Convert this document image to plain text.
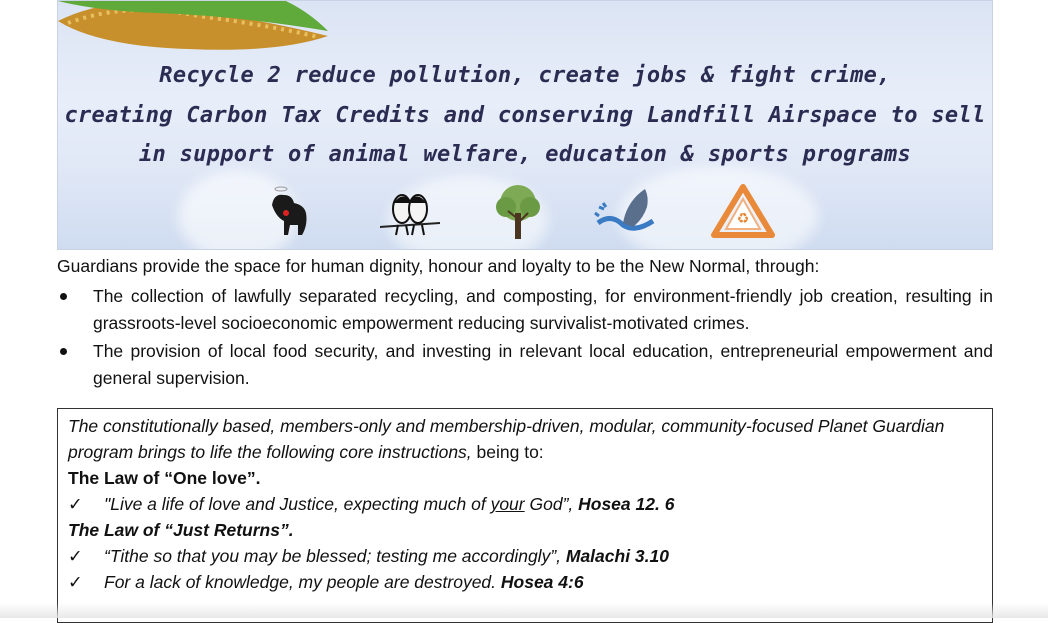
Recycle 2 reduce pollution, create jobs & fight crime,
creating Carbon Tax Credits and conserving Landfill Airspace to sell
in support of animal welfare, education & sports programs
♻
Guardians provide the space for human dignity, honour and loyalty to be the New Normal, through:
The collection of lawfully separated recycling, and composting, for environment-friendly job creation, resulting in grassroots-level socioeconomic empowerment reducing survivalist-motivated crimes.
The provision of local food security, and investing in relevant local education, entrepreneurial empowerment and general supervision.
The constitutionally based, members-only and membership-driven, modular, community-focused Planet Guardian program brings to life the following core instructions, being to:
The Law of “One love”.
✓	"Live a life of love and Justice, expecting much of your God”, Hosea 12. 6
The Law of “Just Returns”.
✓	“Tithe so that you may be blessed; testing me accordingly”, Malachi 3.10
✓	For a lack of knowledge, my people are destroyed. Hosea 4:6
